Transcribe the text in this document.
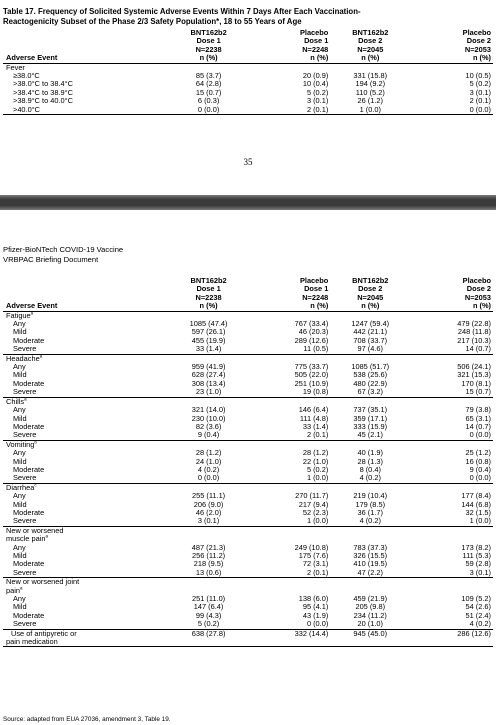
Table 17. Frequency of Solicited Systemic Adverse Events Within 7 Days After Each Vaccination-
Reactogenicity Subset of the Phase 2/3 Safety Population*, 18 to 55 Years of Age
	BNT162b2	Placebo	BNT162b2	Placebo
	Dose 1	Dose 1	Dose 2	Dose 2
	N=2238	N=2248	N=2045	N=2053
Adverse Event	n (%)	n (%)	n (%)	n (%)
Fever				
≥38.0°C	85 (3.7)	20 (0.9)	331 (15.8)	10 (0.5)
>38.0°C to 38.4°C	64 (2.8)	10 (0.4)	194 (9.2)	5 (0.2)
>38.4°C to 38.9°C	15 (0.7)	5 (0.2)	110 (5.2)	3 (0.1)
>38.9°C to 40.0°C	6 (0.3)	3 (0.1)	26 (1.2)	2 (0.1)
>40.0°C	0 (0.0)	2 (0.1)	1 (0.0)	0 (0.0)
35
Pfizer-BioNTech COVID-19 Vaccine
VRBPAC Briefing Document
	BNT162b2	Placebo	BNT162b2	Placebo
	Dose 1	Dose 1	Dose 2	Dose 2
	N=2238	N=2248	N=2045	N=2053
Adverse Event	n (%)	n (%)	n (%)	n (%)
Fatigue$^a$				
Any	1085 (47.4)	767 (33.4)	1247 (59.4)	479 (22.8)
Mild	597 (26.1)	46 (20.3)	442 (21.1)	248 (11.8)
Moderate	455 (19.9)	289 (12.6)	708 (33.7)	217 (10.3)
Severe	33 (1.4)	11 (0.5)	97 (4.6)	14 (0.7)
Headache$^a$				
Any	959 (41.9)	775 (33.7)	1085 (51.7)	506 (24.1)
Mild	628 (27.4)	505 (22.0)	538 (25.6)	321 (15.3)
Moderate	308 (13.4)	251 (10.9)	480 (22.9)	170 (8.1)
Severe	23 (1.0)	19 (0.8)	67 (3.2)	15 (0.7)
Chills$^a$				
Any	321 (14.0)	146 (6.4)	737 (35.1)	79 (3.8)
Mild	230 (10.0)	111 (4.8)	359 (17.1)	65 (3.1)
Moderate	82 (3.6)	33 (1.4)	333 (15.9)	14 (0.7)
Severe	9 (0.4)	2 (0.1)	45 (2.1)	0 (0.0)
Vomiting$^b$				
Any	28 (1.2)	28 (1.2)	40 (1.9)	25 (1.2)
Mild	24 (1.0)	22 (1.0)	28 (1.3)	16 (0.8)
Moderate	4 (0.2)	5 (0.2)	8 (0.4)	9 (0.4)
Severe	0 (0.0)	1 (0.0)	4 (0.2)	0 (0.0)
Diarrhea$^c$				
Any	255 (11.1)	270 (11.7)	219 (10.4)	177 (8.4)
Mild	206 (9.0)	217 (9.4)	179 (8.5)	144 (6.8)
Moderate	46 (2.0)	52 (2.3)	36 (1.7)	32 (1.5)
Severe	3 (0.1)	1 (0.0)	4 (0.2)	1 (0.0)
New or worsened				
muscle pain$^a$				
Any	487 (21.3)	249 (10.8)	783 (37.3)	173 (8.2)
Mild	256 (11.2)	175 (7.6)	326 (15.5)	111 (5.3)
Moderate	218 (9.5)	72 (3.1)	410 (19.5)	59 (2.8)
Severe	13 (0.6)	2 (0.1)	47 (2.2)	3 (0.1)
New or worsened joint				
pain$^a$				
Any	251 (11.0)	138 (6.0)	459 (21.9)	109 (5.2)
Mild	147 (6.4)	95 (4.1)	205 (9.8)	54 (2.6)
Moderate	99 (4.3)	43 (1.9)	234 (11.2)	51 (2.4)
Severe	5 (0.2)	0 (0.0)	20 (1.0)	4 (0.2)
Use of antipyretic or	638 (27.8)	332 (14.4)	945 (45.0)	286 (12.6)
pain medication				
Source: adapted from EUA 27036, amendment 3, Table 19.
